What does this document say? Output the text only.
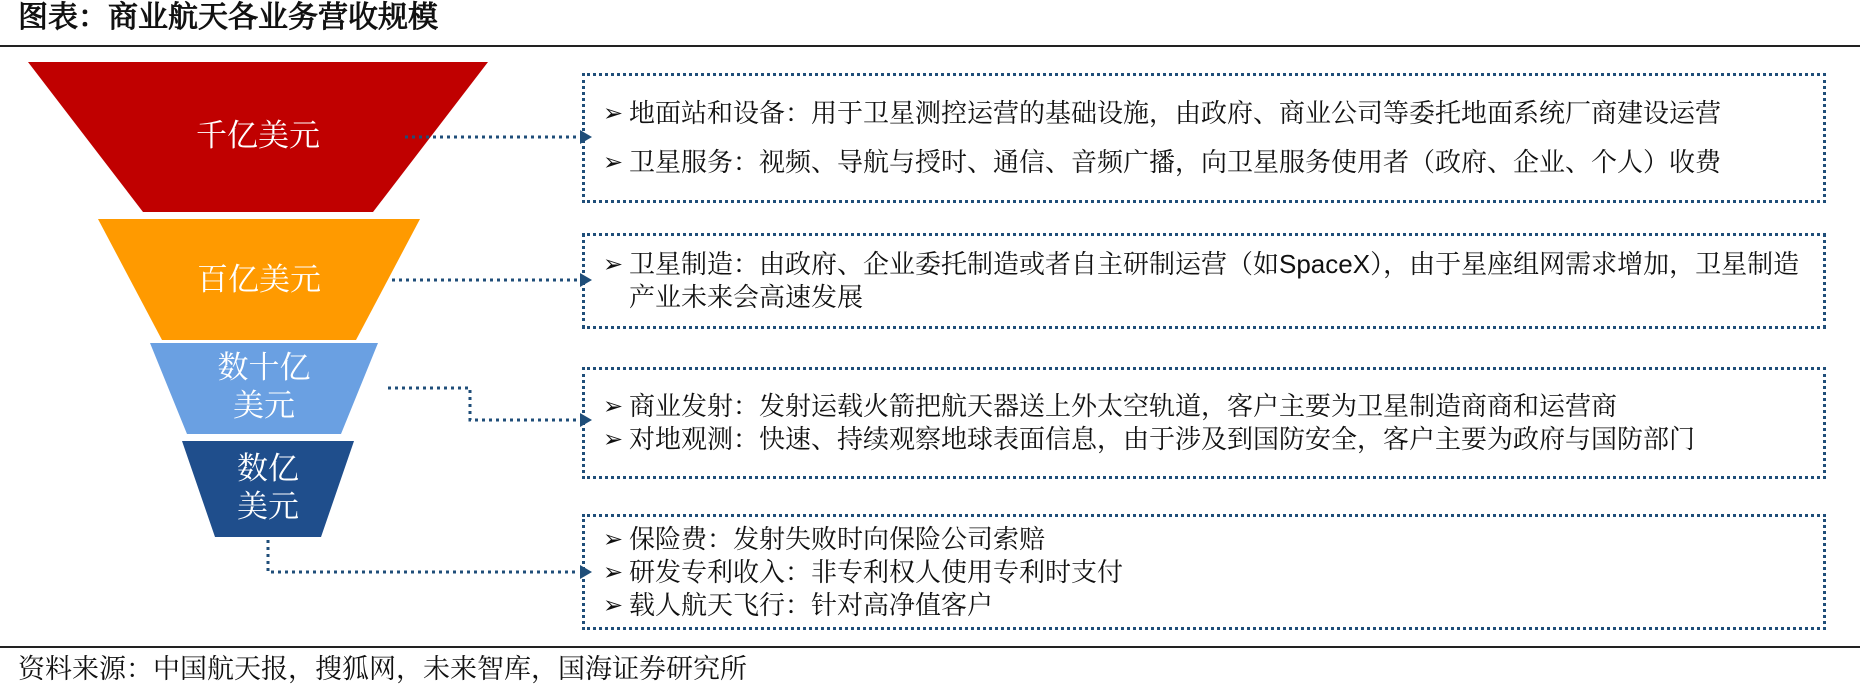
图表：商业航天各业务营收规模
千亿美元
百亿美元
数十亿
美元
数亿
美元
➢ 地面站和设备：用于卫星测控运营的基础设施，由政府、商业公司等委托地面系统厂商建设运营
➢ 卫星服务：视频、导航与授时、通信、音频广播，向卫星服务使用者（政府、企业、个人）收费
➢ 卫星制造：由政府、企业委托制造或者自主研制运营（如SpaceX），由于星座组网需求增加，卫星制造产业未来会高速发展
➢ 商业发射：发射运载火箭把航天器送上外太空轨道，客户主要为卫星制造商商和运营商
➢ 对地观测：快速、持续观察地球表面信息，由于涉及到国防安全，客户主要为政府与国防部门
➢ 保险费：发射失败时向保险公司索赔
➢ 研发专利收入：非专利权人使用专利时支付
➢ 载人航天飞行：针对高净值客户
资料来源：中国航天报，搜狐网，未来智库，国海证券研究所
